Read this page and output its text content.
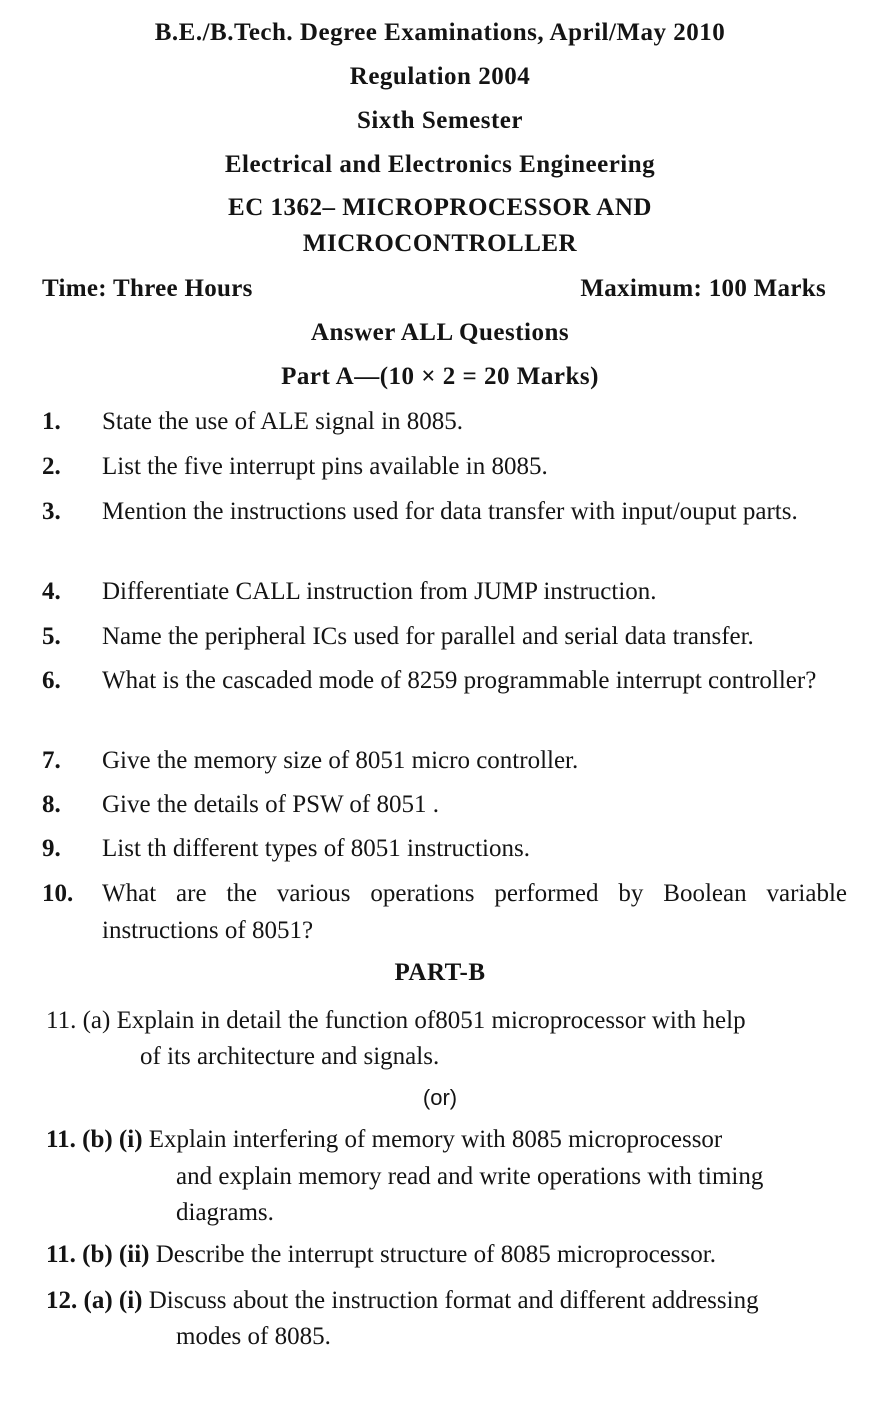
B.E./B.Tech. Degree Examinations, April/May 2010
Regulation 2004
Sixth Semester
Electrical and Electronics Engineering
EC 1362– MICROPROCESSOR AND
MICROCONTROLLER
Time: Three Hours	Maximum: 100 Marks
Answer ALL Questions
Part A—(10 × 2 = 20 Marks)
1. State the use of ALE signal in 8085.
2. List the five interrupt pins available in 8085.
3. Mention the instructions used for data transfer with input/ouput parts.
4. Differentiate CALL instruction from JUMP instruction.
5. Name the peripheral ICs used for parallel and serial data transfer.
6. What is the cascaded mode of 8259 programmable interrupt controller?
7. Give the memory size of 8051 micro controller.
8. Give the details of PSW of 8051 .
9. List th different types of 8051 instructions.
10. What are the various operations performed by Boolean variable instructions of 8051?
PART-B
11. (a) Explain in detail the function of8051 microprocessor with help
of its architecture and signals.
(or)
11. (b) (i) Explain interfering of memory with 8085 microprocessor
and explain memory read and write operations with timing
diagrams.
11. (b) (ii) Describe the interrupt structure of 8085 microprocessor.
12. (a) (i) Discuss about the instruction format and different addressing
modes of 8085.
